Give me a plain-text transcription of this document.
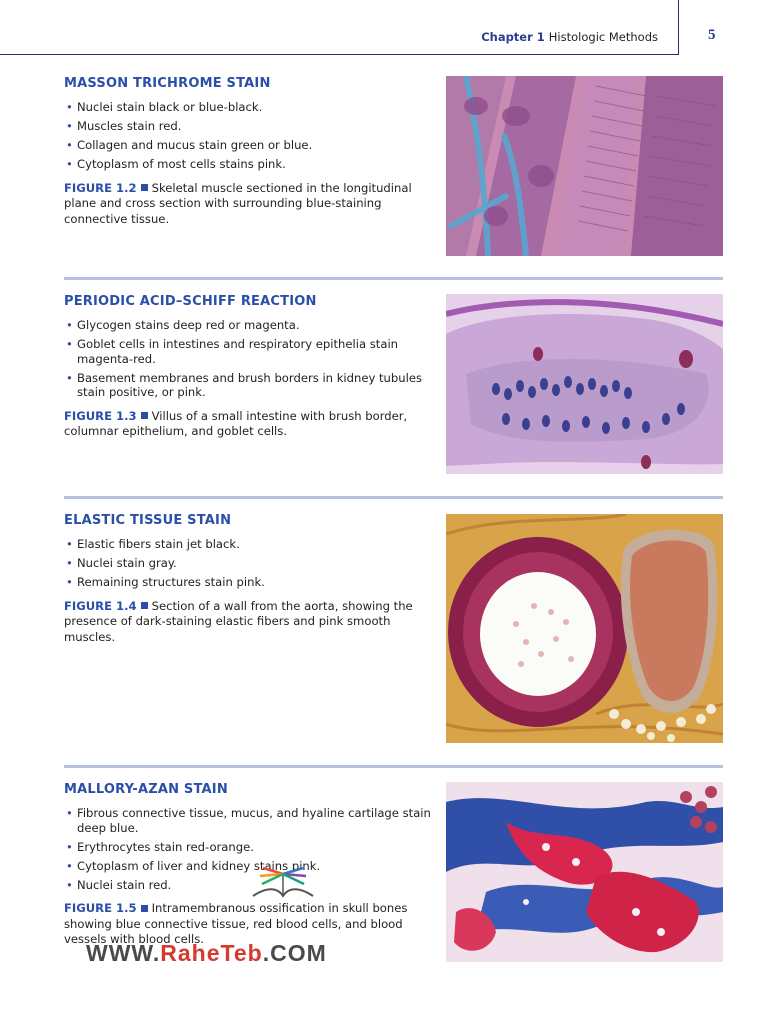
Chapter 1 Histologic Methods	5
MASSON TRICHROME STAIN
• Nuclei stain black or blue-black.
• Muscles stain red.
• Collagen and mucus stain green or blue.
• Cytoplasm of most cells stains pink.
FIGURE 1.2 Skeletal muscle sectioned in the longitudinal plane and cross section with surrounding blue-staining connective tissue.
PERIODIC ACID–SCHIFF REACTION
• Glycogen stains deep red or magenta.
• Goblet cells in intestines and respiratory epithelia stain magenta-red.
• Basement membranes and brush borders in kidney tubules stain positive, or pink.
FIGURE 1.3 Villus of a small intestine with brush border, columnar epithelium, and goblet cells.
ELASTIC TISSUE STAIN
• Elastic fibers stain jet black.
• Nuclei stain gray.
• Remaining structures stain pink.
FIGURE 1.4 Section of a wall from the aorta, showing the presence of dark-staining elastic fibers and pink smooth muscles.
MALLORY-AZAN STAIN
• Fibrous connective tissue, mucus, and hyaline cartilage stain deep blue.
• Erythrocytes stain red-orange.
• Cytoplasm of liver and kidney stains pink.
• Nuclei stain red.
FIGURE 1.5 Intramembranous ossification in skull bones showing blue connective tissue, red blood cells, and blood vessels with blood cells.
WWW.RaheTeb.COM
